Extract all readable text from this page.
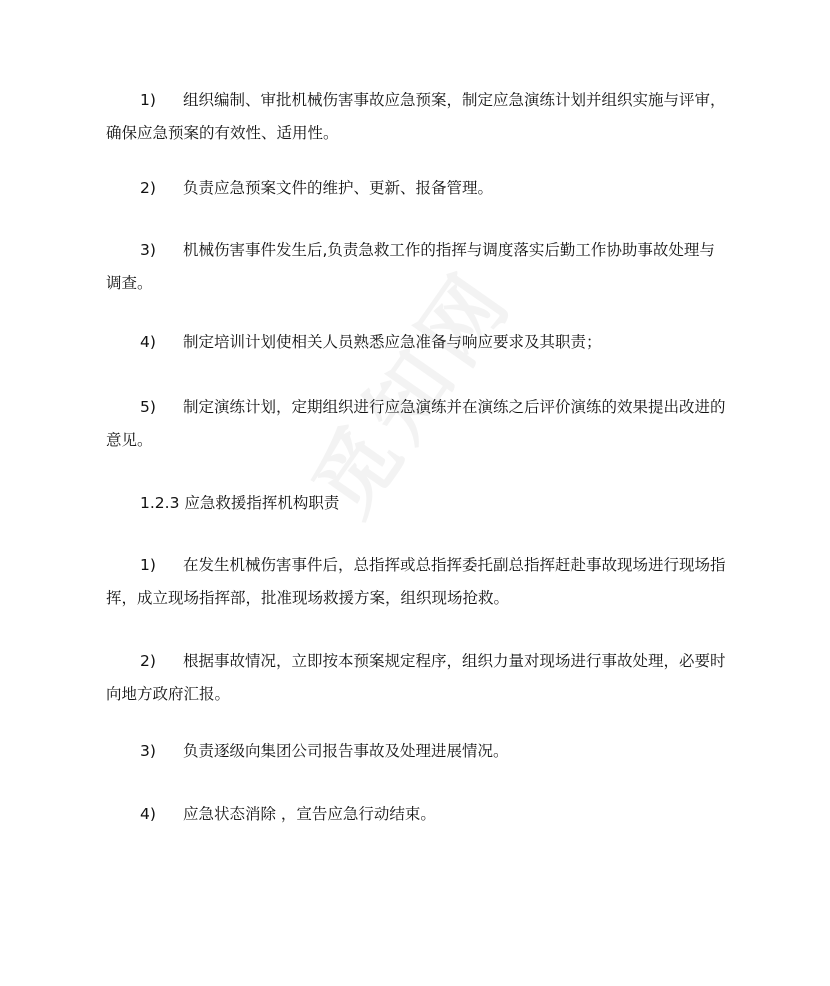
1) 组织编制、审批机械伤害事故应急预案，制定应急演练计划并组织实施与评审，
确保应急预案的有效性、适用性。
2) 负责应急预案文件的维护、更新、报备管理。
3) 机械伤害事件发生后,负责急救工作的指挥与调度落实后勤工作协助事故处理与
调查。
4) 制定培训计划使相关人员熟悉应急准备与响应要求及其职责；
5) 制定演练计划，定期组织进行应急演练并在演练之后评价演练的效果提出改进的
意见。
1.2.3 应急救援指挥机构职责
1) 在发生机械伤害事件后，总指挥或总指挥委托副总指挥赶赴事故现场进行现场指
挥，成立现场指挥部，批准现场救援方案，组织现场抢救。
2) 根据事故情况，立即按本预案规定程序，组织力量对现场进行事故处理，必要时
向地方政府汇报。
3) 负责逐级向集团公司报告事故及处理进展情况。
4) 应急状态消除 ，宣告应急行动结束。
